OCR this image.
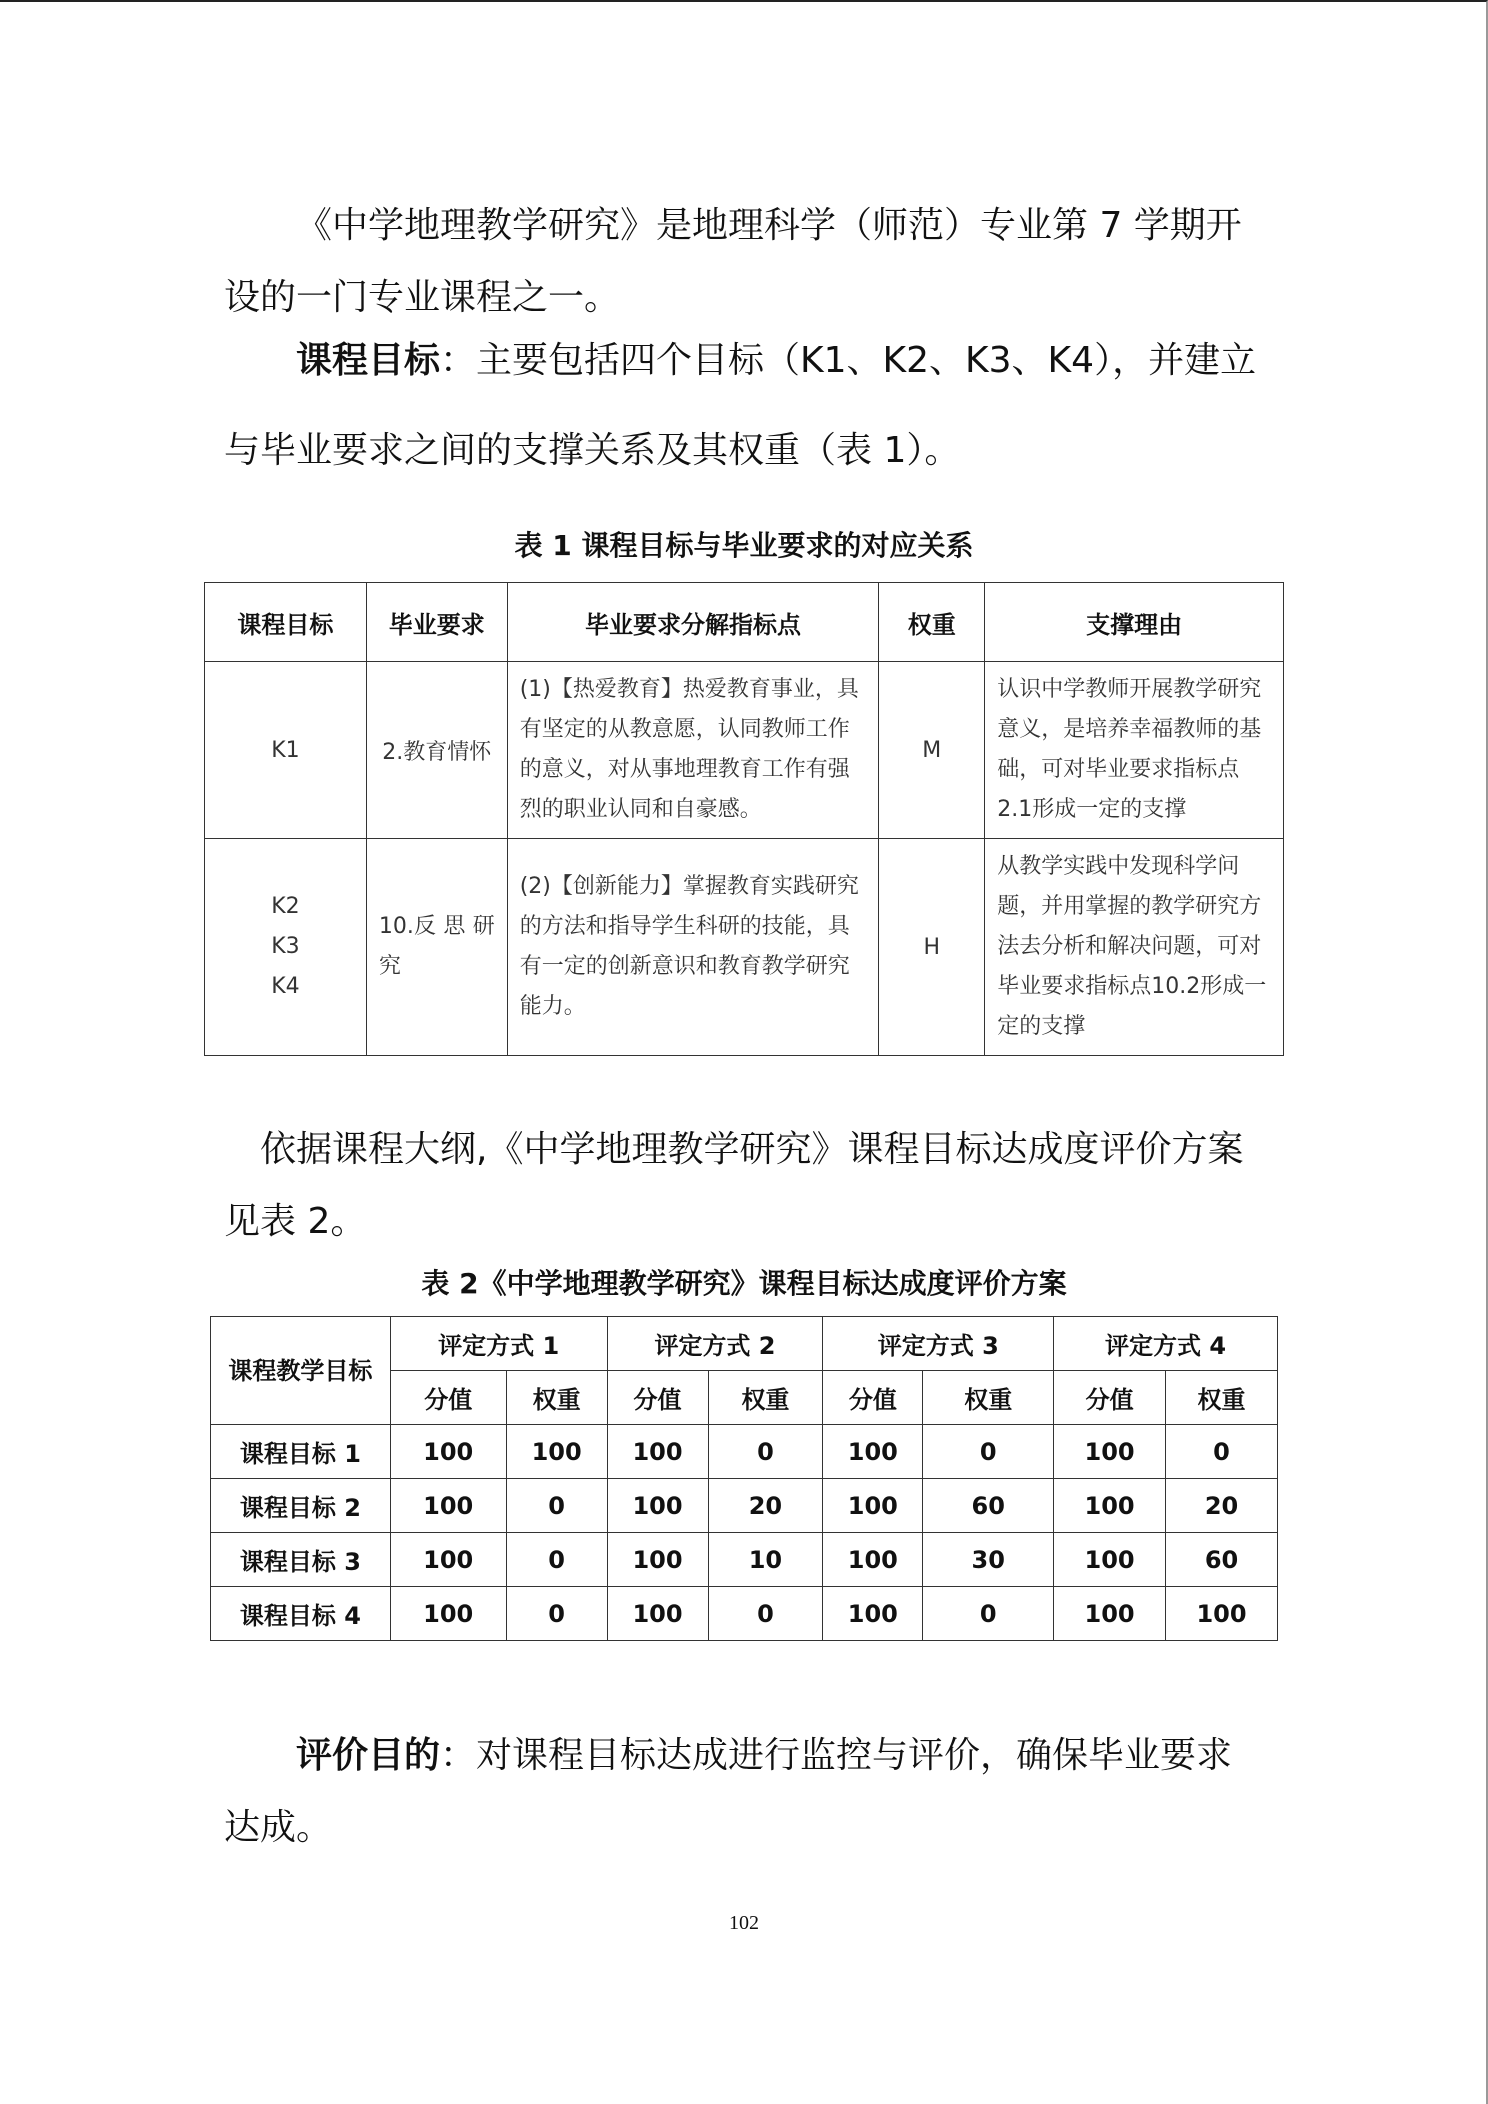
《中学地理教学研究》是地理科学（师范）专业第 7 学期开设的一门专业课程之一。

课程目标：主要包括四个目标（K1、K2、K3、K4），并建立与毕业要求之间的支撑关系及其权重（表 1）。

表 1 课程目标与毕业要求的对应关系

课程目标	毕业要求	毕业要求分解指标点	权重	支撑理由
K1	2.教育情怀	(1)【热爱教育】热爱教育事业，具有坚定的从教意愿，认同教师工作的意义，对从事地理教育工作有强烈的职业认同和自豪感。	M	认识中学教师开展教学研究意义，是培养幸福教师的基础，可对毕业要求指标点2.1形成一定的支撑

K2
K3
K4	10.反 思 研究	(2)【创新能力】掌握教育实践研究的方法和指导学生科研的技能，具有一定的创新意识和教育教学研究能力。	H	从教学实践中发现科学问题，并用掌握的教学研究方法去分析和解决问题，可对毕业要求指标点10.2形成一定的支撑

依据课程大纲,《中学地理教学研究》课程目标达成度评价方案见表 2。

表 2《中学地理教学研究》课程目标达成度评价方案

课程教学目标	评定方式 1		评定方式 2		评定方式 3		评定方式 4	
	分值	权重	分值	权重	分值	权重	分值	权重
课程目标 1	100	100	100	0	100	0	100	0
课程目标 2	100	0	100	20	100	60	100	20
课程目标 3	100	0	100	10	100	30	100	60
课程目标 4	100	0	100	0	100	0	100	100

评价目的：对课程目标达成进行监控与评价，确保毕业要求达成。

102
